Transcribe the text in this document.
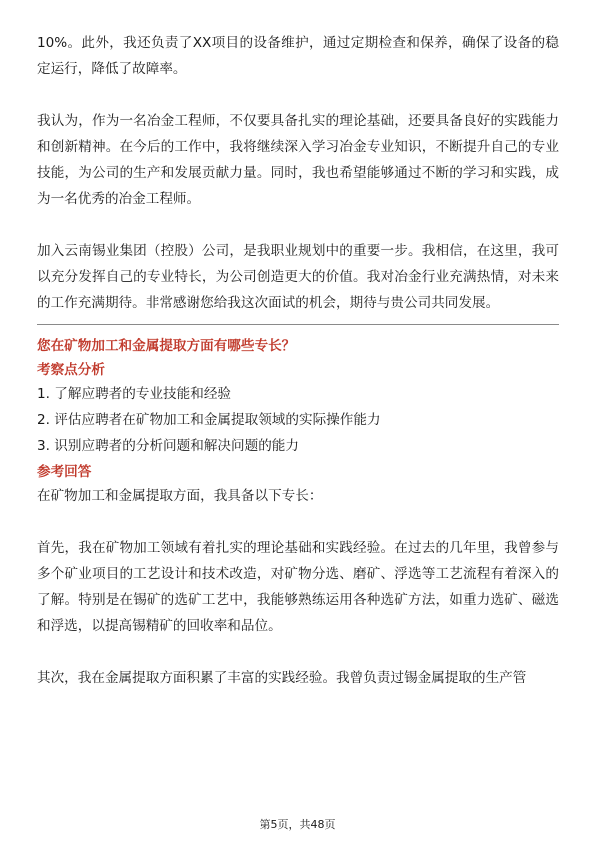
10%。此外，我还负责了XX项目的设备维护，通过定期检查和保养，确保了设备的稳定运行，降低了故障率。

我认为，作为一名冶金工程师，不仅要具备扎实的理论基础，还要具备良好的实践能力和创新精神。在今后的工作中，我将继续深入学习冶金专业知识，不断提升自己的专业技能，为公司的生产和发展贡献力量。同时，我也希望能够通过不断的学习和实践，成为一名优秀的冶金工程师。

加入云南锡业集团（控股）公司，是我职业规划中的重要一步。我相信，在这里，我可以充分发挥自己的专业特长，为公司创造更大的价值。我对冶金行业充满热情，对未来的工作充满期待。非常感谢您给我这次面试的机会，期待与贵公司共同发展。

您在矿物加工和金属提取方面有哪些专长？

考察点分析

1. 了解应聘者的专业技能和经验
2. 评估应聘者在矿物加工和金属提取领域的实际操作能力
3. 识别应聘者的分析问题和解决问题的能力

参考回答

在矿物加工和金属提取方面，我具备以下专长：

首先，我在矿物加工领域有着扎实的理论基础和实践经验。在过去的几年里，我曾参与多个矿业项目的工艺设计和技术改造，对矿物分选、磨矿、浮选等工艺流程有着深入的了解。特别是在锡矿的选矿工艺中，我能够熟练运用各种选矿方法，如重力选矿、磁选和浮选，以提高锡精矿的回收率和品位。

其次，我在金属提取方面积累了丰富的实践经验。我曾负责过锡金属提取的生产管

第5页，共48页
